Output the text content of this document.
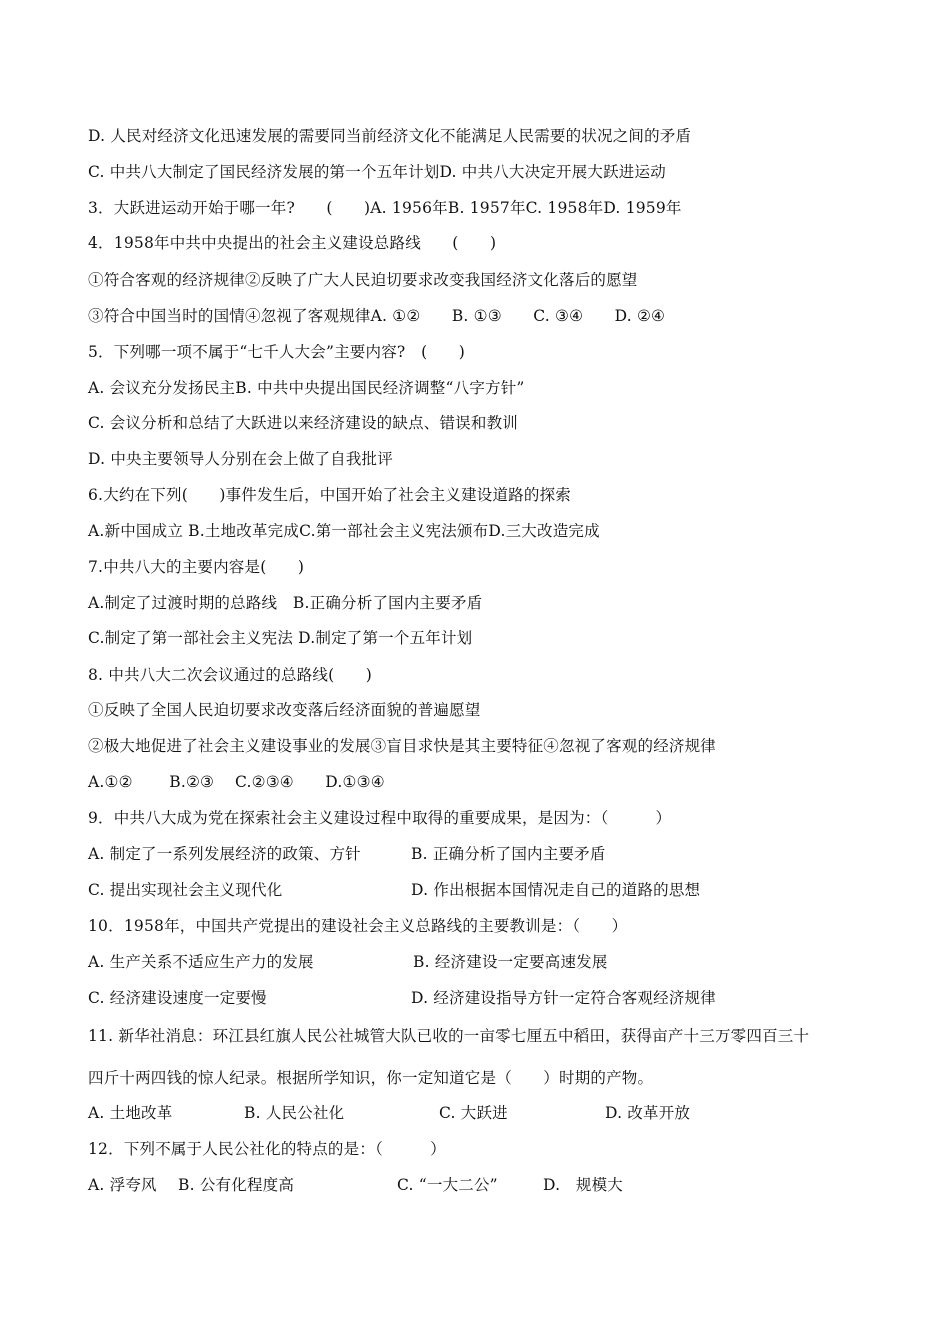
D. 人民对经济文化迅速发展的需要同当前经济文化不能满足人民需要的状况之间的矛盾
C. 中共八大制定了国民经济发展的第一个五年计划D. 中共八大决定开展大跃进运动
3．大跃进运动开始于哪一年?　　(　　)A. 1956年B. 1957年C. 1958年D. 1959年
4．1958年中共中央提出的社会主义建设总路线　　(　　)
①符合客观的经济规律②反映了广大人民迫切要求改变我国经济文化落后的愿望
③符合中国当时的国情④忽视了客观规律A. ①②　　B. ①③　　C. ③④　　D. ②④
5．下列哪一项不属于“七千人大会”主要内容?　(　　)
A. 会议充分发扬民主B. 中共中央提出国民经济调整“八字方针”
C. 会议分析和总结了大跃进以来经济建设的缺点、错误和教训
D. 中央主要领导人分别在会上做了自我批评
6.大约在下列(　　)事件发生后，中国开始了社会主义建设道路的探索
A.新中国成立 B.土地改革完成C.第一部社会主义宪法颁布D.三大改造完成
7.中共八大的主要内容是(　　)
A.制定了过渡时期的总路线　B.正确分析了国内主要矛盾
C.制定了第一部社会主义宪法 D.制定了第一个五年计划
8. 中共八大二次会议通过的总路线(　　)
①反映了全国人民迫切要求改变落后经济面貌的普遍愿望
②极大地促进了社会主义建设事业的发展③盲目求快是其主要特征④忽视了客观的经济规律
A.①②　　 B.②③　 C.②③④　　D.①③④
9．中共八大成为党在探索社会主义建设过程中取得的重要成果，是因为：（　　　）
A. 制定了一系列发展经济的政策、方针	B. 正确分析了国内主要矛盾
C. 提出实现社会主义现代化	D. 作出根据本国情况走自己的道路的思想
10．1958年，中国共产党提出的建设社会主义总路线的主要教训是：（　　）
A. 生产关系不适应生产力的发展	B. 经济建设一定要高速发展
C. 经济建设速度一定要慢	D. 经济建设指导方针一定符合客观经济规律
11. 新华社消息：环江县红旗人民公社城管大队已收的一亩零七厘五中稻田，获得亩产十三万零四百三十
四斤十两四钱的惊人纪录。根据所学知识，你一定知道它是（　　）时期的产物。
A. 土地改革	B. 人民公社化	C. 大跃进	D. 改革开放
12．下列不属于人民公社化的特点的是：（　　　）
A. 浮夸风 B. 公有化程度高	C. “一大二公”	D.　规模大
